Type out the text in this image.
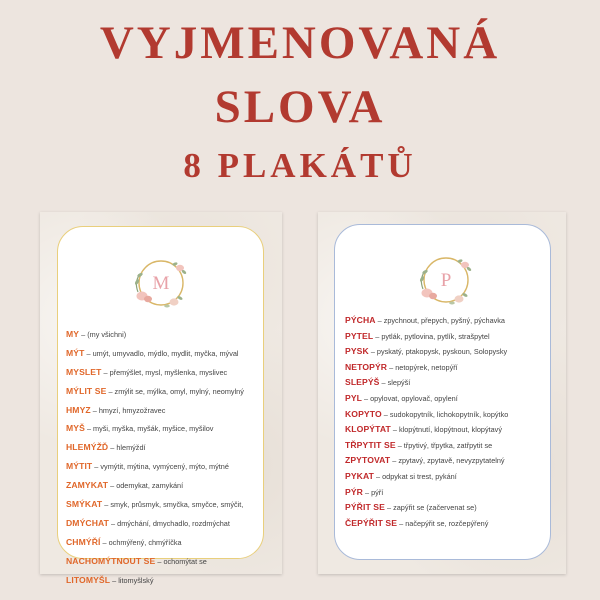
VYJMENOVANÁ
SLOVA
8 PLAKÁTŮ
M
MY – (my všichni)
MÝT – umýt, umyvadlo, mýdlo, mydlit, myčka, mýval
MYSLET – přemýšlet, mysl, myšlenka, myslivec
MÝLIT SE – zmýlit se, mýlka, omyl, mylný, neomylný
HMYZ – hmyzí, hmyzožravec
MYŠ – myši, myška, myšák, myšice, myšilov
HLEMÝŽĎ – hlemýždí
MÝTIT – vymýtit, mýtina, vymýcený, mýto, mýtné
ZAMYKAT – odemykat, zamykání
SMÝKAT – smyk, průsmyk, smyčka, smyčce, smýčit,
DMÝCHAT – dmýchání, dmychadlo, rozdmýchat
CHMÝŘÍ – ochmýřený, chmýříčka
NACHOMÝTNOUT SE – ochomýtat se
LITOMYŠL – litomyšlský
P
PÝCHA – zpychnout, přepych, pyšný, pýchavka
PYTEL – pytlák, pytlovina, pytlík, strašpytel
PYSK – pyskatý, ptakopysk, pyskoun, Solopysky
NETOPÝR – netopýrek, netopýří
SLEPÝŠ – slepýší
PYL – opylovat, opylovač, opylení
KOPYTO – sudokopytník, lichokopytník, kopýtko
KLOPÝTAT – klopýtnutí, klopýtnout, klopýtavý
TŘPYTIT SE – třpytivý, třpytka, zatřpytit se
ZPYTOVAT – zpytavý, zpytavě, nevyzpytatelný
PYKAT – odpykat si trest, pykání
PÝR – pýří
PÝŘIT SE – zapýřit se (začervenat se)
ČEPÝŘIT SE – načepýřit se, rozčepýřený
